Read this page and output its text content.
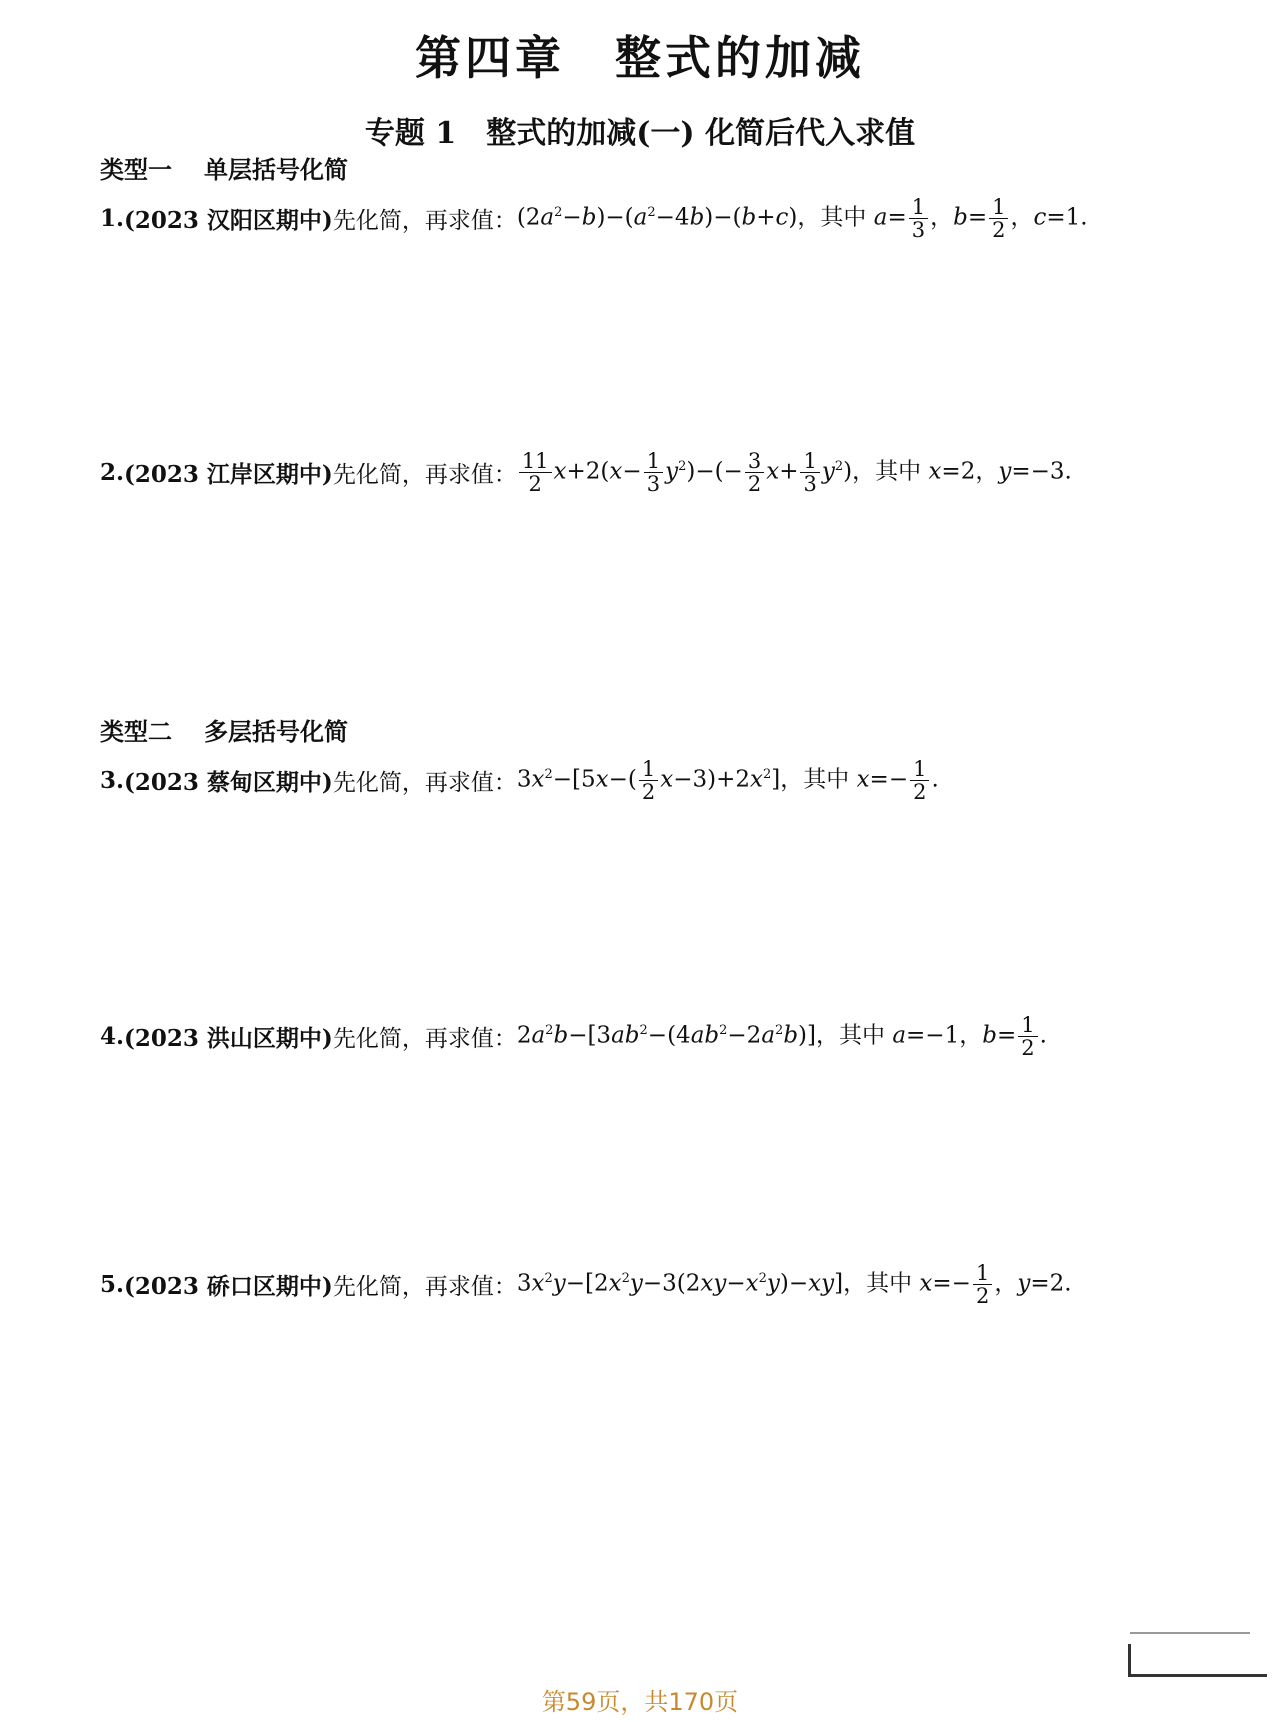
第四章　整式的加减
专题 1　整式的加减(一) 化简后代入求值
类型一 单层括号化简
1. (2023 汉阳区期中) 先化简，再求值： $(2a^2-b)-(a^2-4b)-(b+c)$，其中 $a= \frac{1}{3}$ ，$b= \frac{1}{2}$ ，c=1.
2. (2023 江岸区期中) 先化简，再求值： $\frac{11}{2} x+2(x- \frac{1}{3} y^2)-(- \frac{3}{2} x+ \frac{1}{3} y^2)$，其中 x=2，y=−3.
类型二 多层括号化简
3. (2023 蔡甸区期中) 先化简，再求值： $3x^2-[5x-( \frac{1}{2} x-3)+2x^2]$，其中 $x=- \frac{1}{2}$ .
4. (2023 洪山区期中) 先化简，再求值： $2a^2b-[3ab^2-(4ab^2-2a^2b)]$，其中 a=−1，$b= \frac{1}{2}$ .
5. (2023 硚口区期中) 先化简，再求值： $3x^2y-[2x^2y-3(2xy-x^2y)-xy]$，其中 $x=- \frac{1}{2}$ ，y=2.
第59页，共170页
